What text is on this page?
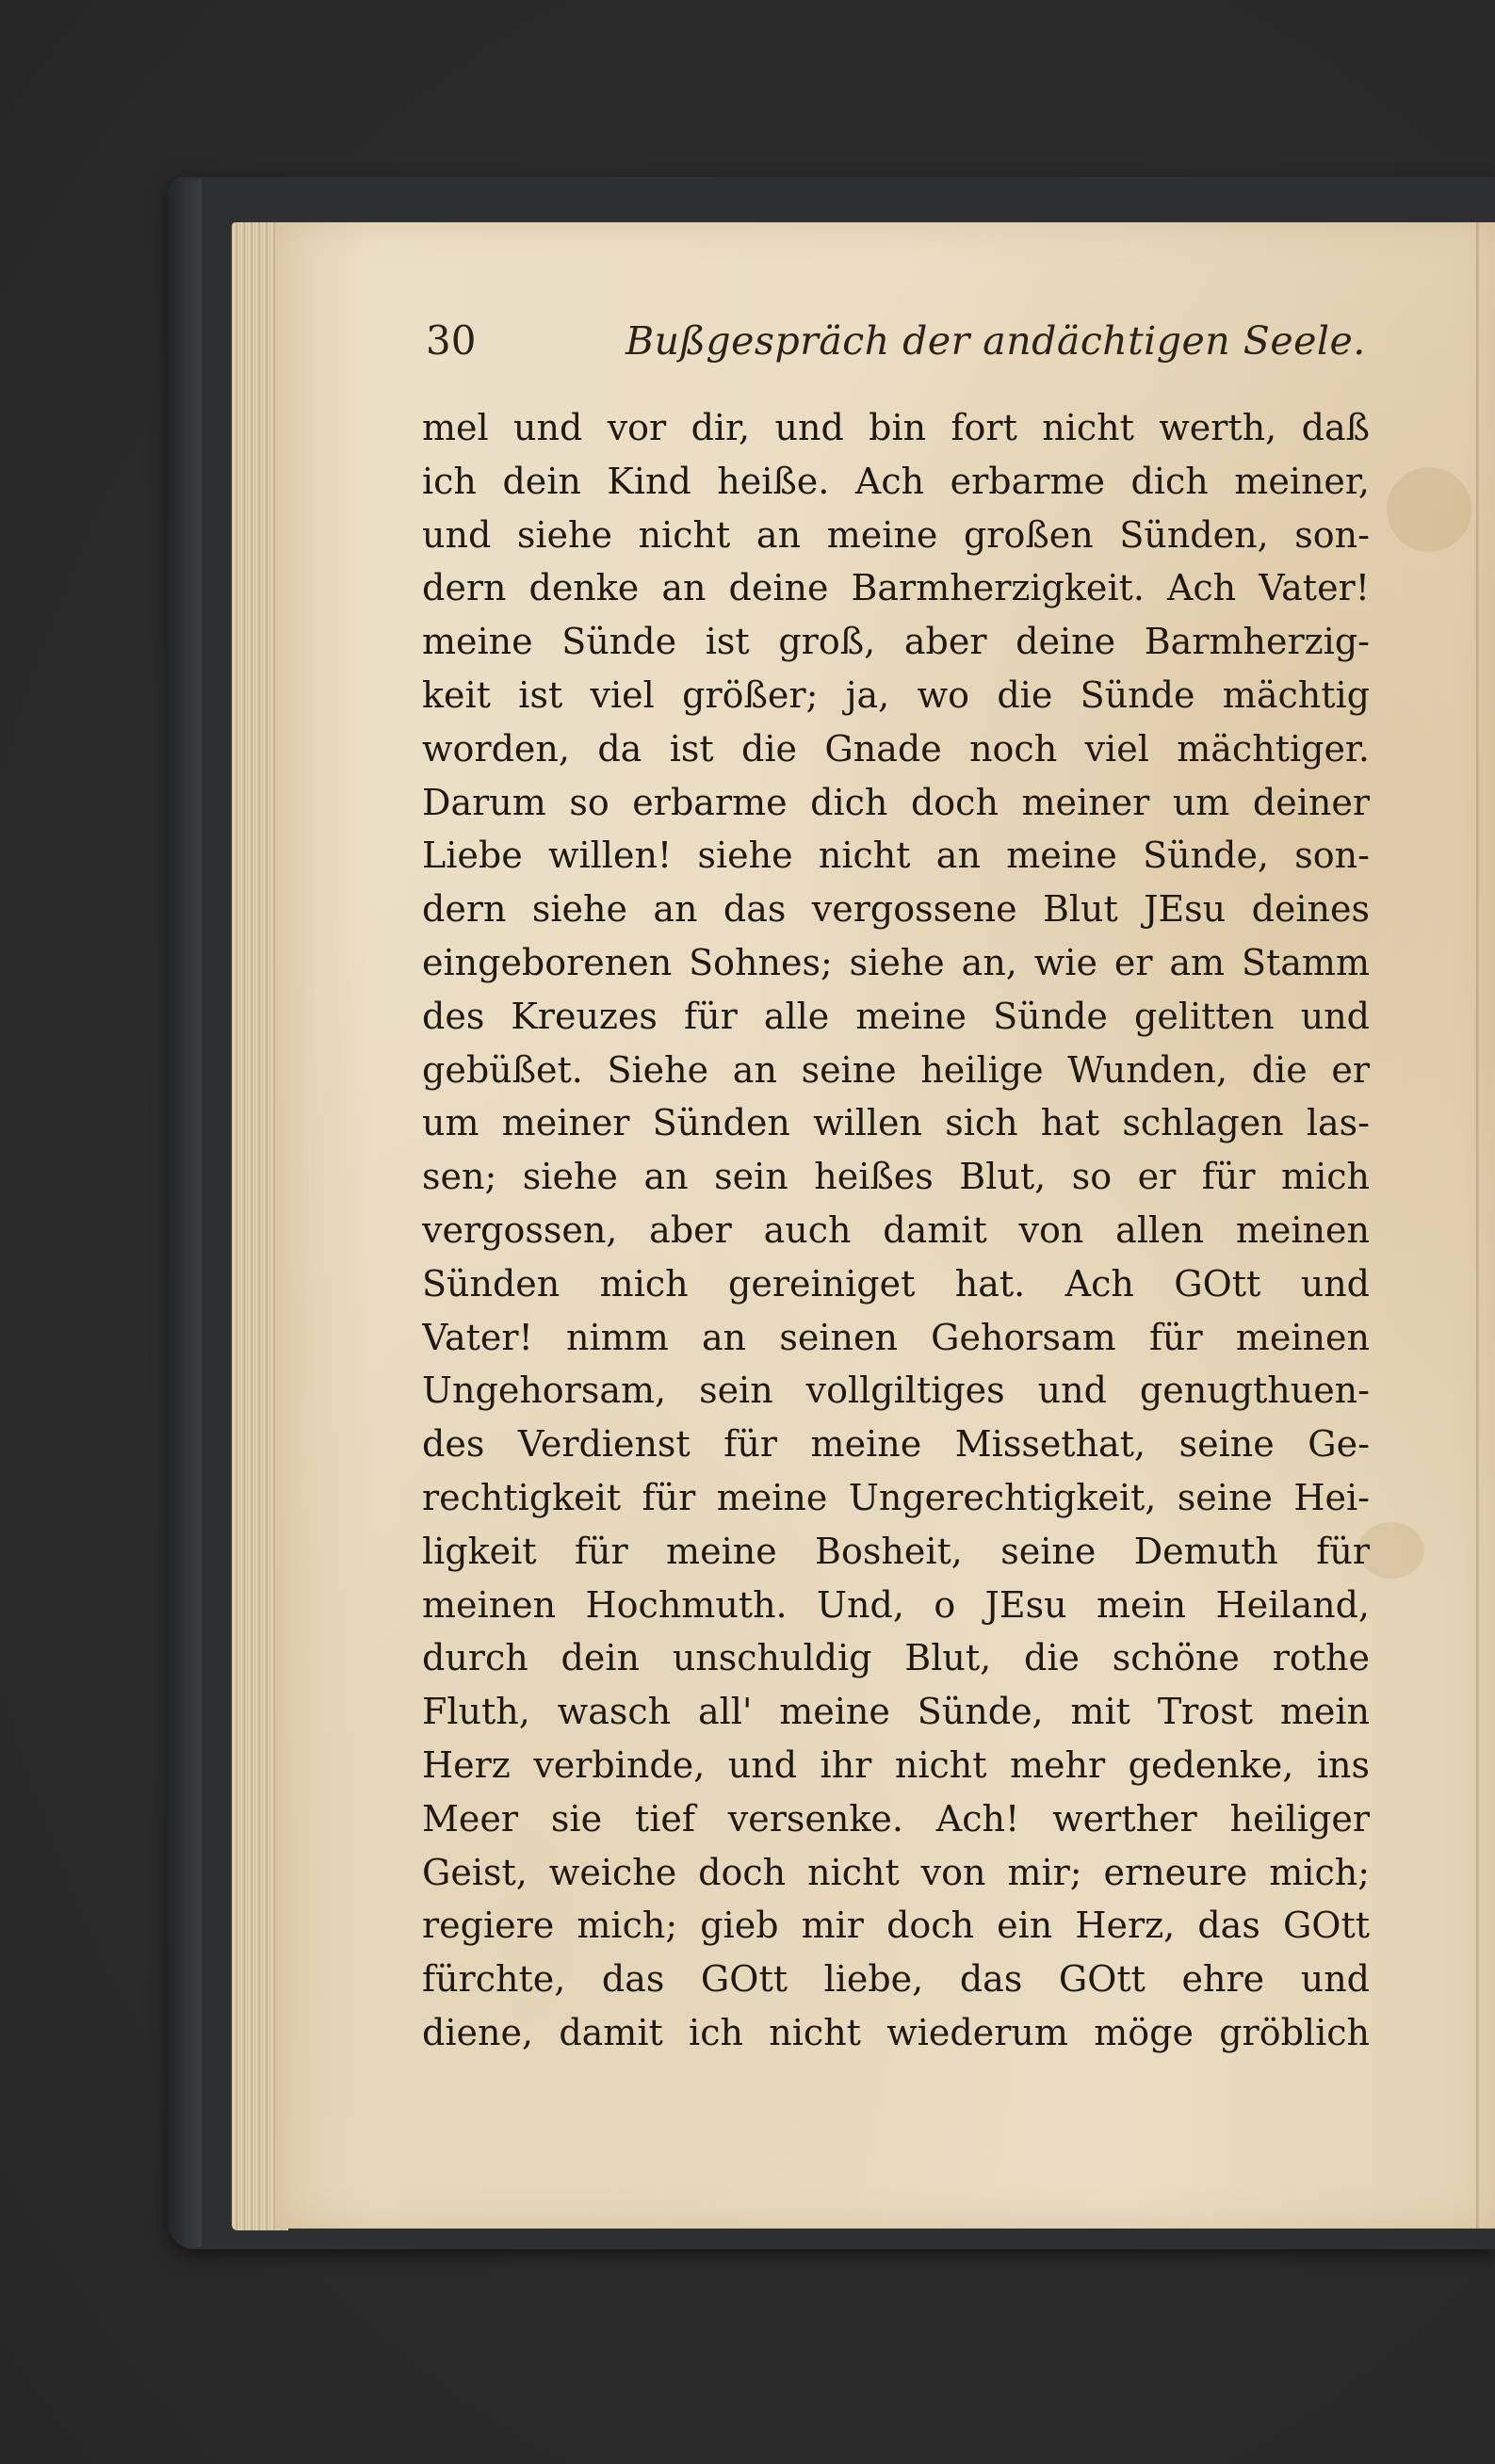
30	Bußgespräch der andächtigen Seele.
mel und vor dir, und bin fort nicht werth, daß
ich dein Kind heiße. Ach erbarme dich meiner,
und siehe nicht an meine großen Sünden, son-
dern denke an deine Barmherzigkeit. Ach Vater!
meine Sünde ist groß, aber deine Barmherzig-
keit ist viel größer; ja, wo die Sünde mächtig
worden, da ist die Gnade noch viel mächtiger.
Darum so erbarme dich doch meiner um deiner
Liebe willen! siehe nicht an meine Sünde, son-
dern siehe an das vergossene Blut JEsu deines
eingeborenen Sohnes; siehe an, wie er am Stamm
des Kreuzes für alle meine Sünde gelitten und
gebüßet. Siehe an seine heilige Wunden, die er
um meiner Sünden willen sich hat schlagen las-
sen; siehe an sein heißes Blut, so er für mich
vergossen, aber auch damit von allen meinen
Sünden mich gereiniget hat. Ach GOtt und
Vater! nimm an seinen Gehorsam für meinen
Ungehorsam, sein vollgiltiges und genugthuen-
des Verdienst für meine Missethat, seine Ge-
rechtigkeit für meine Ungerechtigkeit, seine Hei-
ligkeit für meine Bosheit, seine Demuth für
meinen Hochmuth. Und, o JEsu mein Heiland,
durch dein unschuldig Blut, die schöne rothe
Fluth, wasch all' meine Sünde, mit Trost mein
Herz verbinde, und ihr nicht mehr gedenke, ins
Meer sie tief versenke. Ach! werther heiliger
Geist, weiche doch nicht von mir; erneure mich;
regiere mich; gieb mir doch ein Herz, das GOtt
fürchte, das GOtt liebe, das GOtt ehre und
diene, damit ich nicht wiederum möge gröblich
